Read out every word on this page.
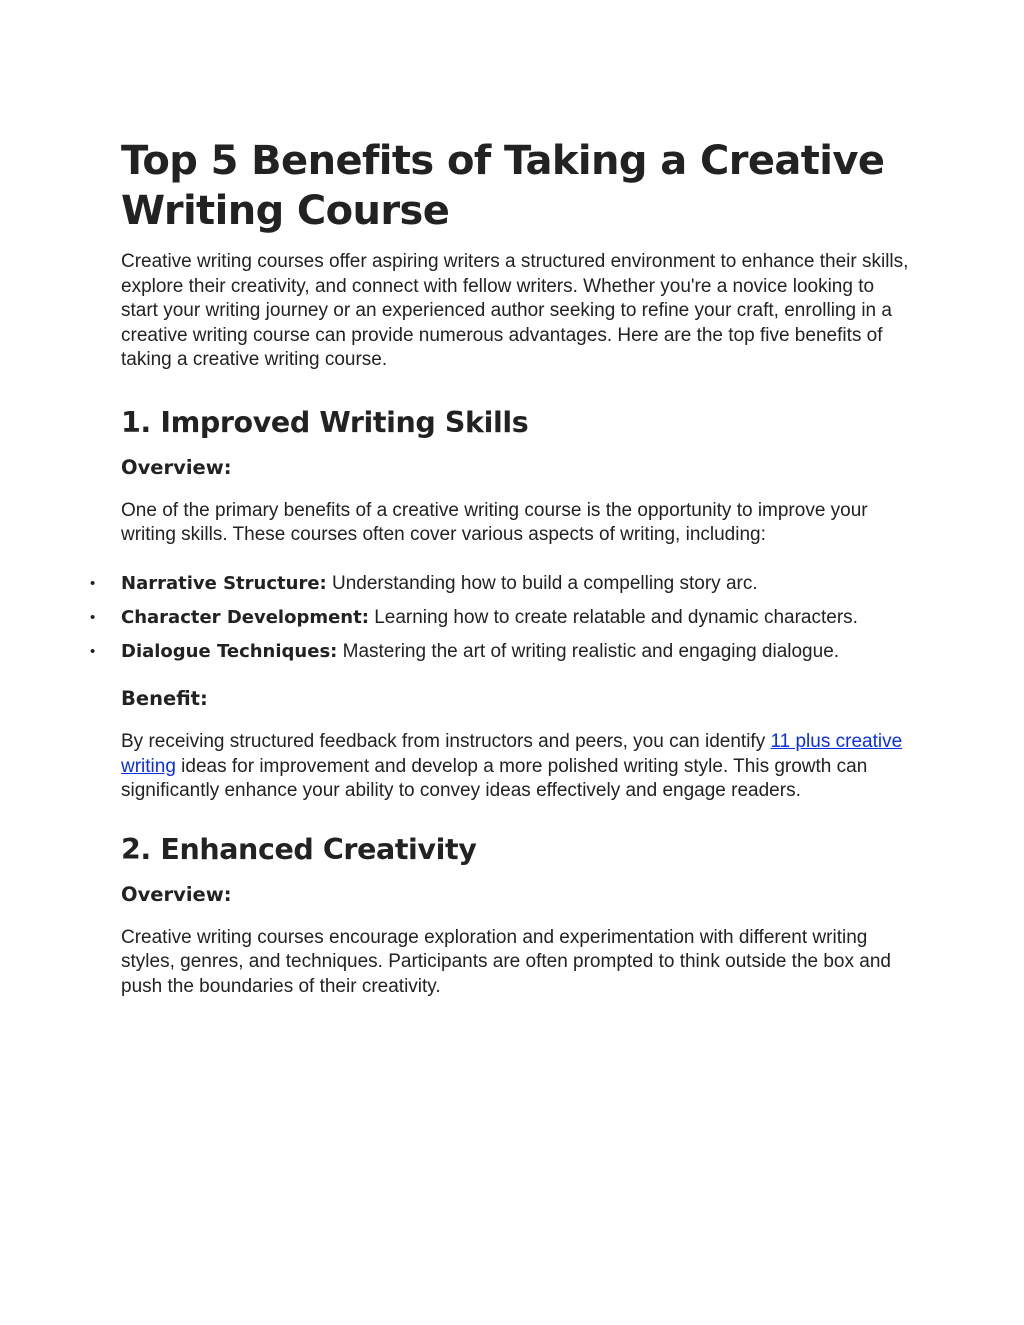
Top 5 Benefits of Taking a Creative Writing Course

Creative writing courses offer aspiring writers a structured environment to enhance their skills, explore their creativity, and connect with fellow writers. Whether you're a novice looking to start your writing journey or an experienced author seeking to refine your craft, enrolling in a creative writing course can provide numerous advantages. Here are the top five benefits of taking a creative writing course.

1. Improved Writing Skills
Overview:

One of the primary benefits of a creative writing course is the opportunity to improve your writing skills. These courses often cover various aspects of writing, including:

• Narrative Structure: Understanding how to build a compelling story arc.
• Character Development: Learning how to create relatable and dynamic characters.
• Dialogue Techniques: Mastering the art of writing realistic and engaging dialogue.
Benefit:

By receiving structured feedback from instructors and peers, you can identify 11 plus creative writing ideas for improvement and develop a more polished writing style. This growth can significantly enhance your ability to convey ideas effectively and engage readers.

2. Enhanced Creativity
Overview:

Creative writing courses encourage exploration and experimentation with different writing styles, genres, and techniques. Participants are often prompted to think outside the box and push the boundaries of their creativity.
